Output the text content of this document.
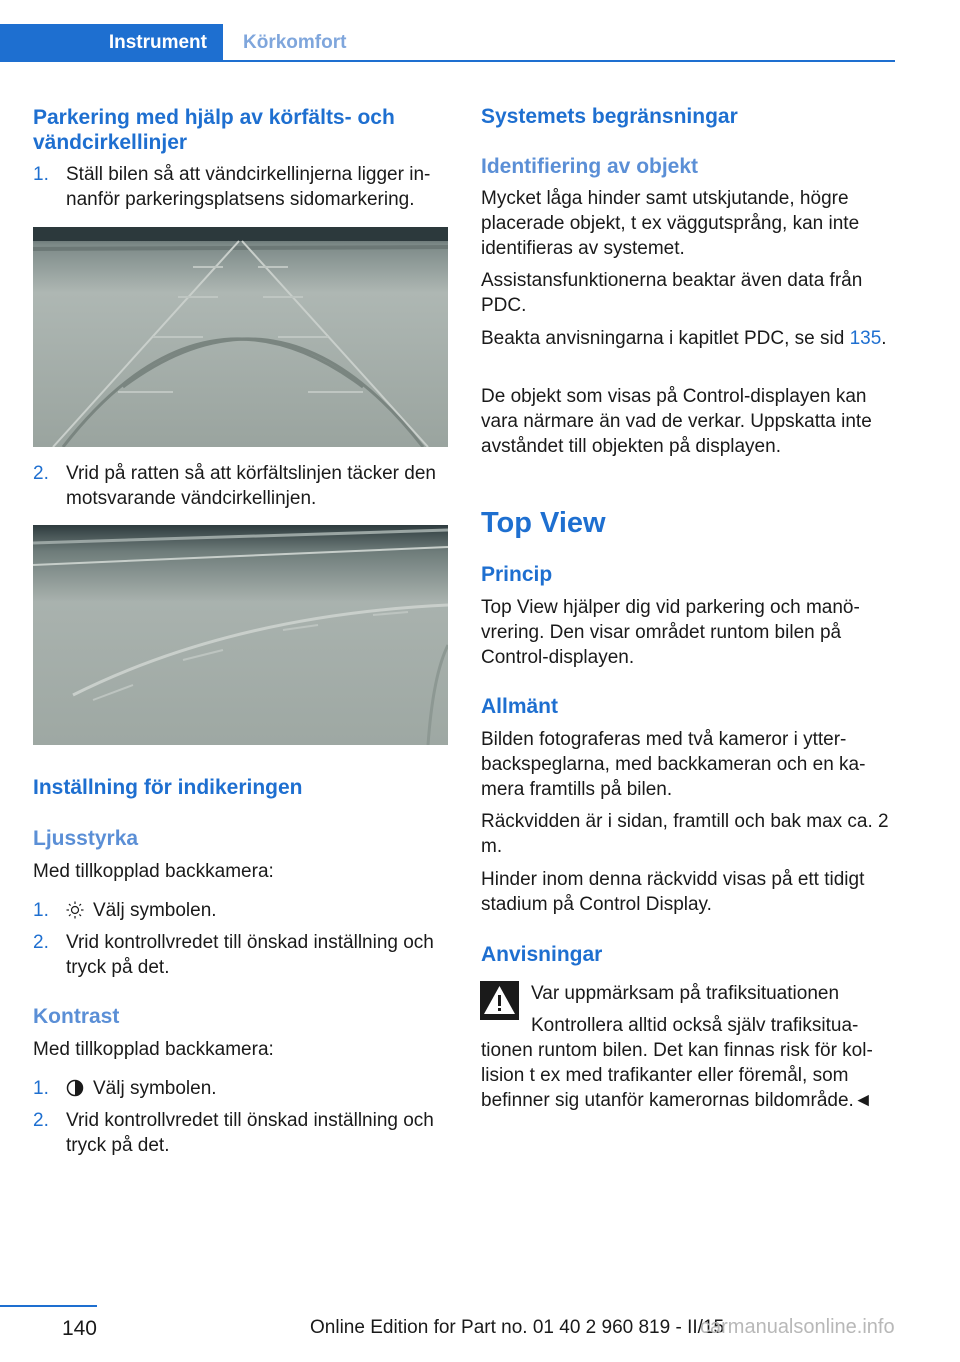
Instrument	Körkomfort
Parkering med hjälp av körfälts- och vändcirkellinjer
1. Ställ bilen så att vändcirkellinjerna ligger in‐nanför parkeringsplatsens sidomarkering.
2. Vrid på ratten så att körfältslinjen täcker den motsvarande vändcirkellinjen.
Inställning för indikeringen
Ljusstyrka

Med tillkopplad backkamera:

1.	Välj symbolen.
2. Vrid kontrollvredet till önskad inställning och tryck på det.
Kontrast

Med tillkopplad backkamera:

1.	Välj symbolen.
2. Vrid kontrollvredet till önskad inställning och tryck på det.
Systemets begränsningar
Identifiering av objekt

Mycket låga hinder samt utskjutande, högre placerade objekt, t ex väggutsprång, kan inte identifieras av systemet.

Assistansfunktionerna beaktar även data från PDC.

Beakta anvisningarna i kapitlet PDC, se sid 135.

De objekt som visas på Control-displayen kan vara närmare än vad de verkar. Uppskatta inte avståndet till objekten på displayen.

Top View
Princip

Top View hjälper dig vid parkering och manö‐vrering. Den visar området runtom bilen på Control-displayen.

Allmänt

Bilden fotograferas med två kameror i ytter‐backspeglarna, med backkameran och en ka‐mera framtills på bilen.

Räckvidden är i sidan, framtill och bak max ca. 2 m.

Hinder inom denna räckvidd visas på ett tidigt stadium på Control Display.

Anvisningar

Var uppmärksam på trafiksituationen

Kontrollera alltid också själv trafiksitua‐

tionen runtom bilen. Det kan finnas risk för kol‐lision t ex med trafikanter eller föremål, som befinner sig utanför kamerornas bildområde.◄

140	Online Edition for Part no. 01 40 2 960 819 - II/15
carmanualsonline.info
